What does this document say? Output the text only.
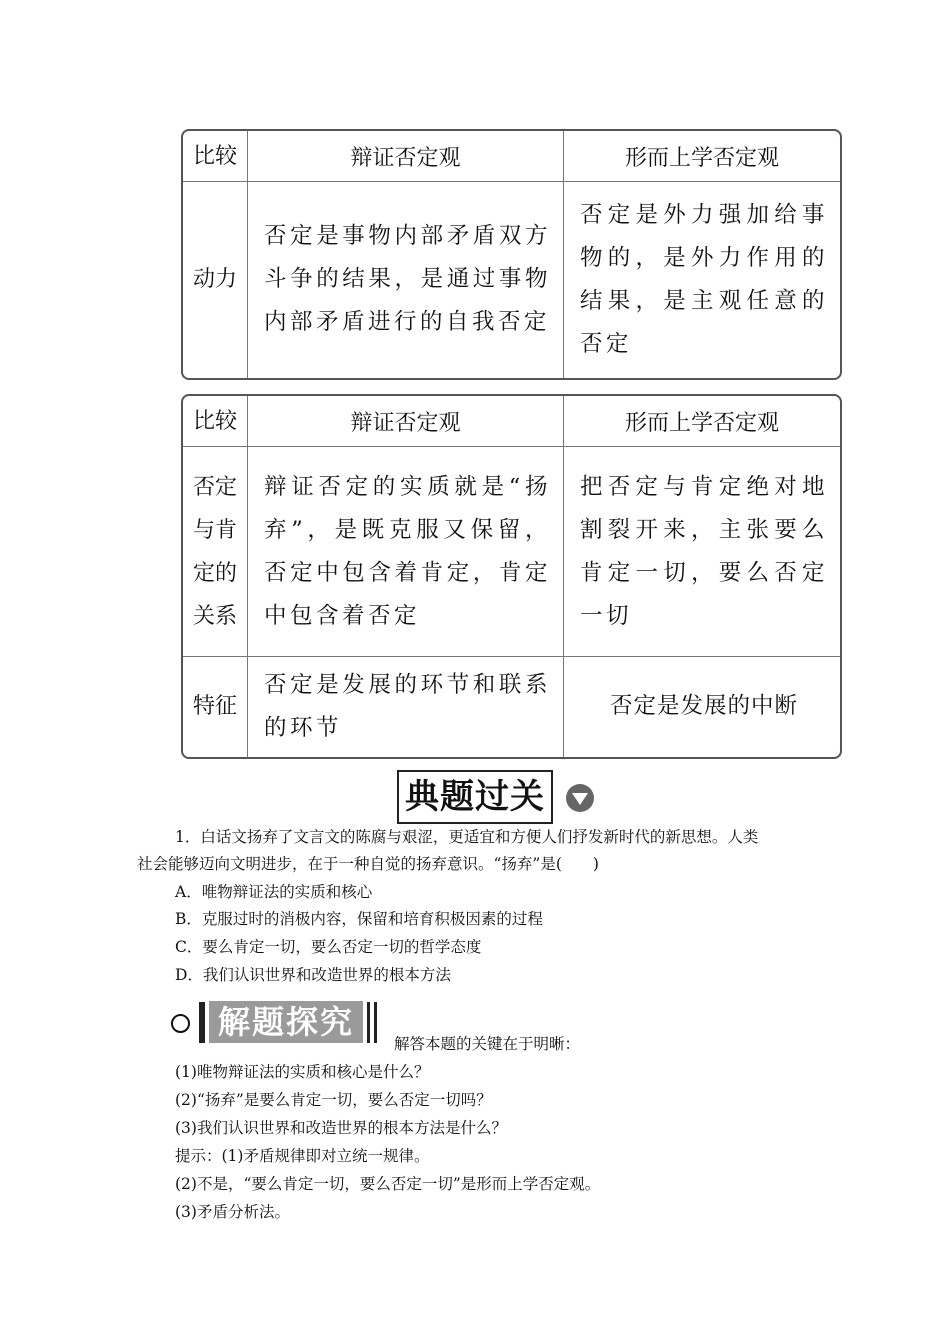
比较	辩证否定观	形而上学否定观
动力	否定是事物内部矛盾双方斗争的结果，是通过事物内部矛盾进行的自我否定	否定是外力强加给事物的，是外力作用的结果，是主观任意的否定
比较	辩证否定观	形而上学否定观
否定与肯定的关系	辩证否定的实质就是“扬弃”，是既克服又保留，否定中包含着肯定，肯定中包含着否定	把否定与肯定绝对地割裂开来，主张要么肯定一切，要么否定一切
特征	否定是发展的环节和联系的环节	否定是发展的中断
典题过关
1．白话文扬弃了文言文的陈腐与艰涩，更适宜和方便人们抒发新时代的新思想。人类
社会能够迈向文明进步，在于一种自觉的扬弃意识。“扬弃”是(　　)
A．唯物辩证法的实质和核心
B．克服过时的消极内容，保留和培育积极因素的过程
C．要么肯定一切，要么否定一切的哲学态度
D．我们认识世界和改造世界的根本方法
解题探究
解答本题的关键在于明晰：
(1)唯物辩证法的实质和核心是什么？
(2)“扬弃”是要么肯定一切，要么否定一切吗？
(3)我们认识世界和改造世界的根本方法是什么？
提示：(1)矛盾规律即对立统一规律。
(2)不是，“要么肯定一切，要么否定一切”是形而上学否定观。
(3)矛盾分析法。
